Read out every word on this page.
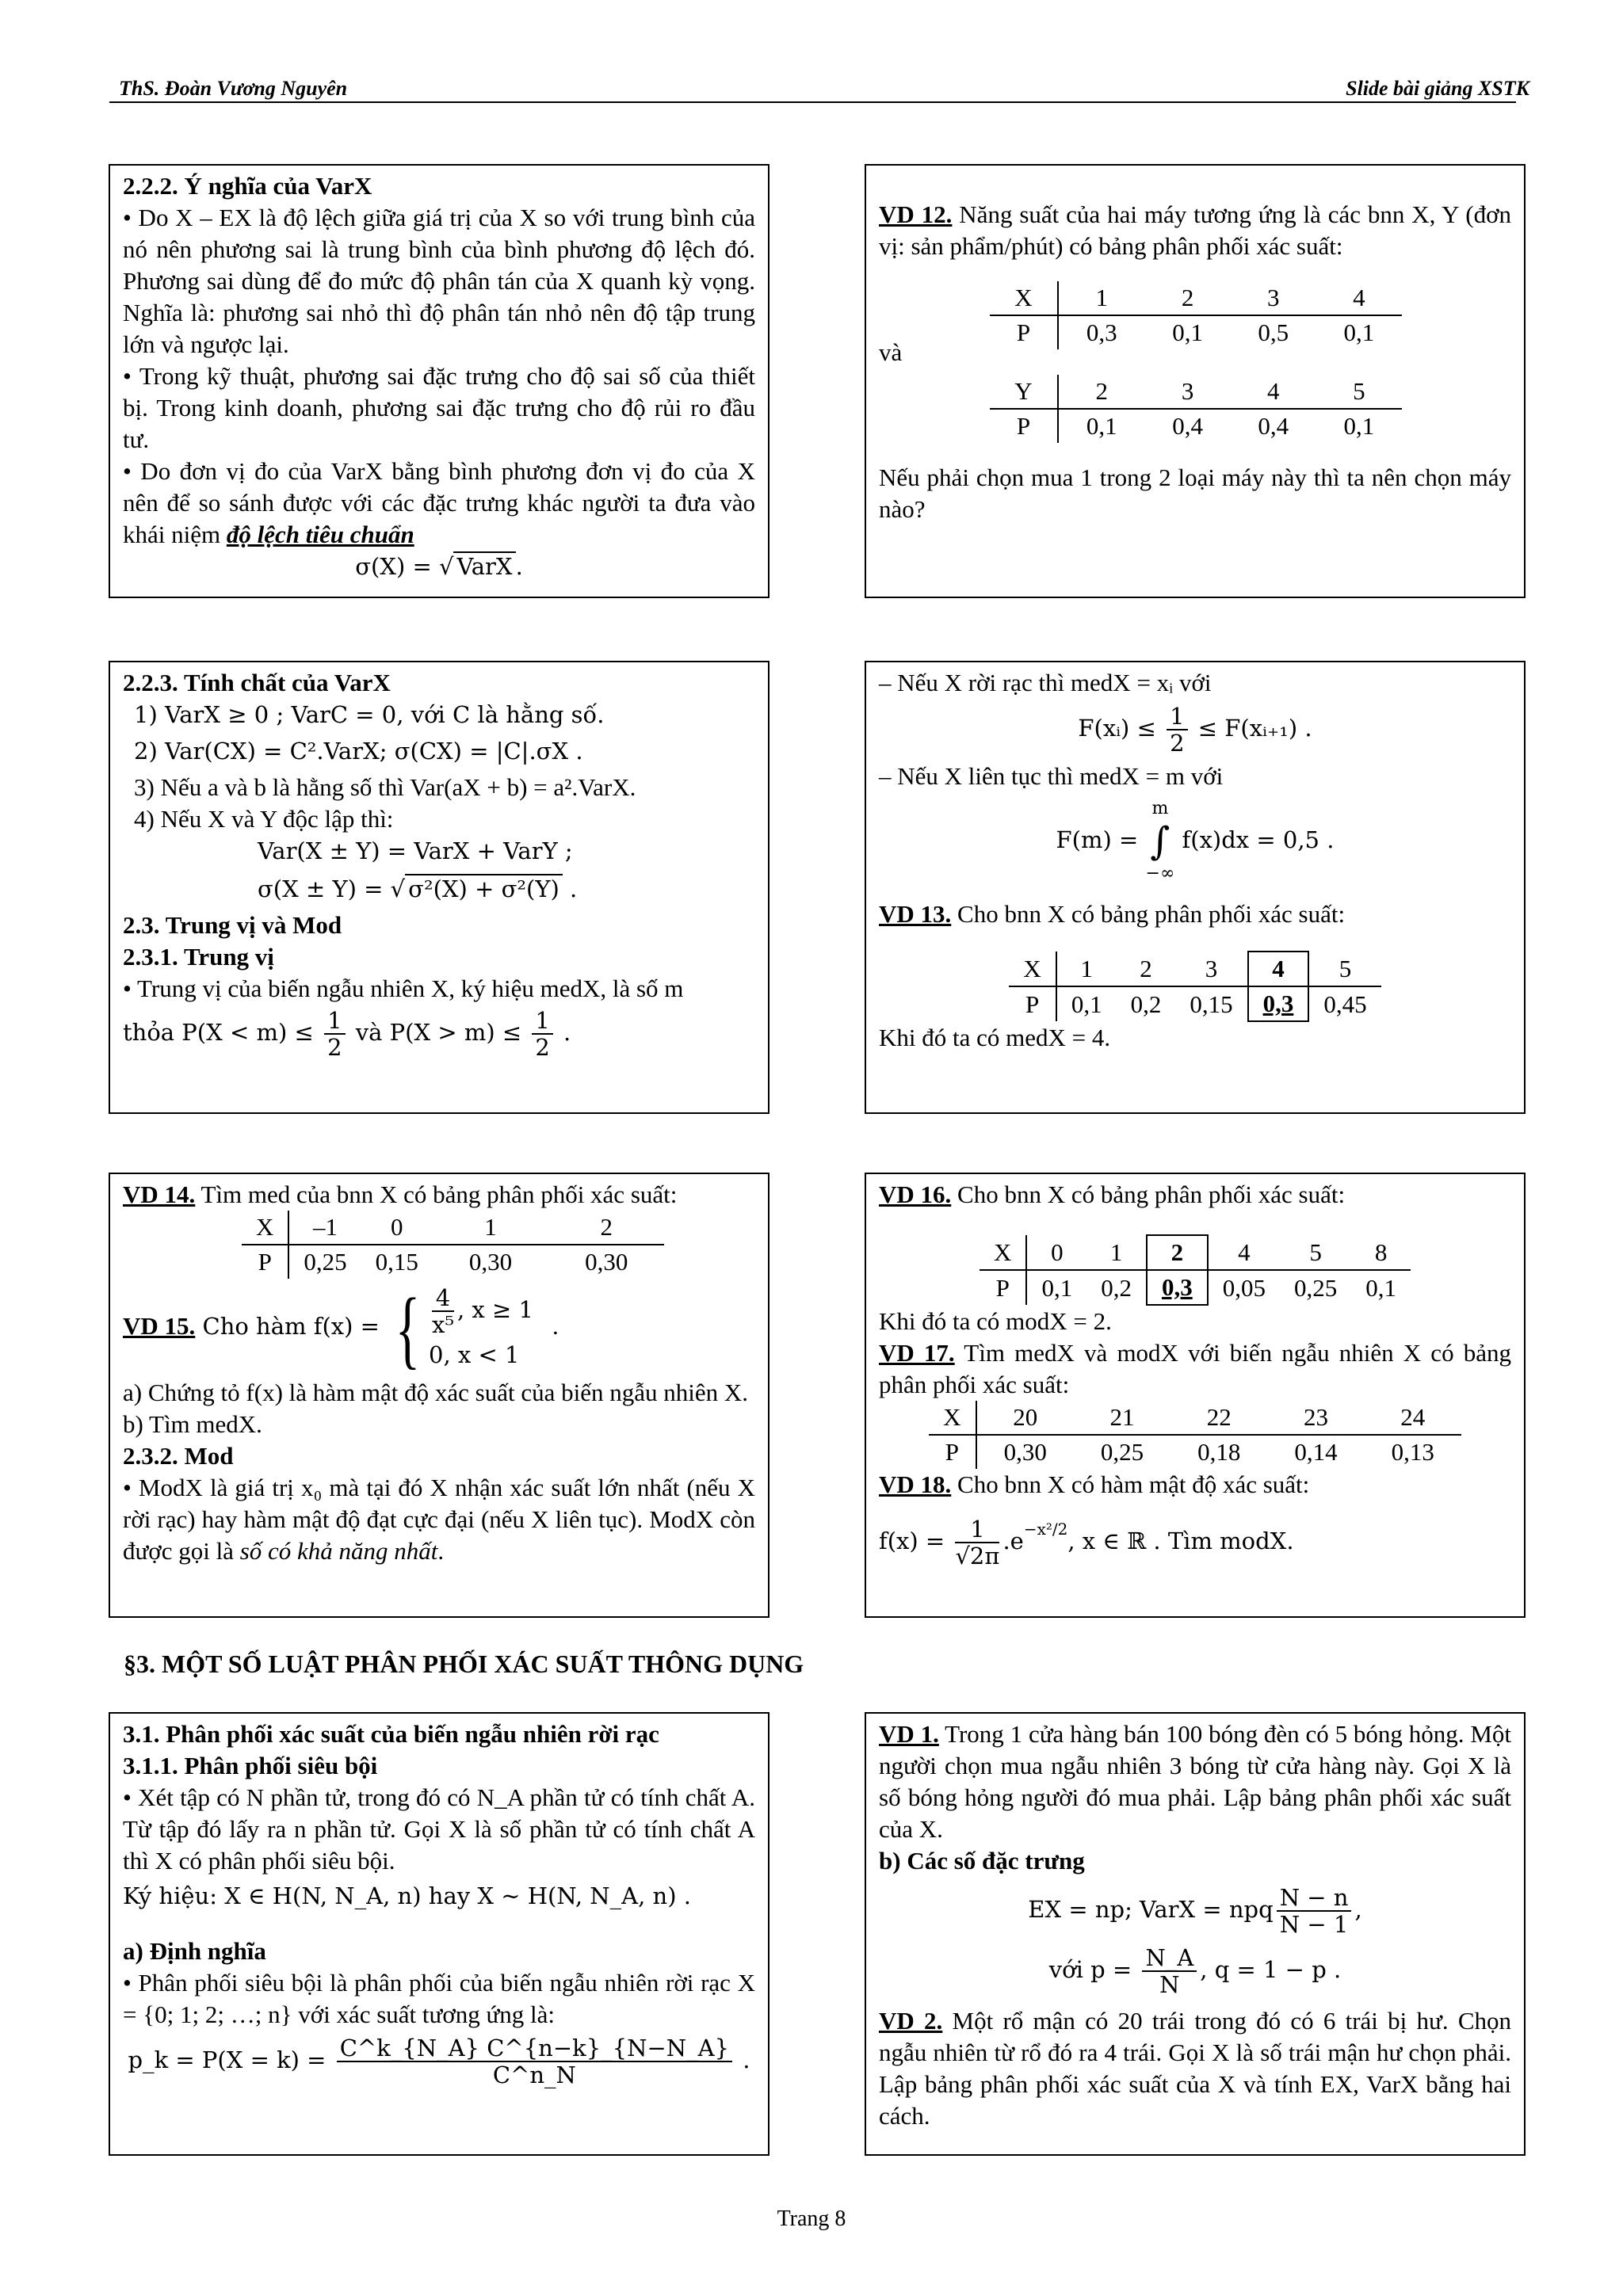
ThS. Đoàn Vương Nguyên	Slide bài giảng XSTK

2.2.2. Ý nghĩa của VarX

• Do X – EX là độ lệch giữa giá trị của X so với trung bình của nó nên phương sai là trung bình của bình phương độ lệch đó. Phương sai dùng để đo mức độ phân tán của X quanh kỳ vọng. Nghĩa là: phương sai nhỏ thì độ phân tán nhỏ nên độ tập trung lớn và ngược lại.

• Trong kỹ thuật, phương sai đặc trưng cho độ sai số của thiết bị. Trong kinh doanh, phương sai đặc trưng cho độ rủi ro đầu tư.

• Do đơn vị đo của VarX bằng bình phương đơn vị đo của X nên để so sánh được với các đặc trưng khác người ta đưa vào khái niệm độ lệch tiêu chuẩn

σ(X) = √ VarX .

VD 12. Năng suất của hai máy tương ứng là các bnn X, Y (đơn vị: sản phẩm/phút) có bảng phân phối xác suất:

và
X	1	2	3	4
P	0,3	0,1	0,5	0,1
Y	2	3	4	5
P	0,1	0,4	0,4	0,1

Nếu phải chọn mua 1 trong 2 loại máy này thì ta nên chọn máy nào?

2.2.3. Tính chất của VarX

1) VarX ≥ 0 ; VarC = 0, với C là hằng số.

2) Var(CX) = C².VarX; σ(CX) = |C|.σX .

3) Nếu a và b là hằng số thì Var(aX + b) = a².VarX.

4) Nếu X và Y độc lập thì:

Var(X ± Y) = VarX + VarY ;

σ(X ± Y) = √ σ²(X) + σ²(Y) .

2.3. Trung vị và Mod

2.3.1. Trung vị

• Trung vị của biến ngẫu nhiên X, ký hiệu medX, là số m

thỏa $P(X < m) \le \frac{1}{2}$ và $P(X > m) \le \frac{1}{2}$ .

– Nếu X rời rạc thì medX = xᵢ với

F(xᵢ) ≤ $\frac{1}{2}$ ≤ F(xᵢ₊₁) .

– Nếu X liên tục thì medX = m với

F(m) =
m
∫
−∞
f(x)dx = 0,5 .

VD 13. Cho bnn X có bảng phân phối xác suất:

X	1	2	3	4	5
P	0,1	0,2	0,15	0,3	0,45

Khi đó ta có medX = 4.

VD 14. Tìm med của bnn X có bảng phân phối xác suất:

X	–1	0	1	2
P	0,25	0,15	0,30	0,30

VD 15. Cho hàm f(x) = { $\frac{4}{\text{x⁵}}$ , x ≥ 1
0, x < 1
.

a) Chứng tỏ f(x) là hàm mật độ xác suất của biến ngẫu nhiên X.

b) Tìm medX.

2.3.2. Mod

• ModX là giá trị x₀ mà tại đó X nhận xác suất lớn nhất (nếu X rời rạc) hay hàm mật độ đạt cực đại (nếu X liên tục). ModX còn được gọi là số có khả năng nhất.

VD 16. Cho bnn X có bảng phân phối xác suất:

X	0	1	2	4	5	8
P	0,1	0,2	0,3	0,05	0,25	0,1

Khi đó ta có modX = 2.

VD 17. Tìm medX và modX với biến ngẫu nhiên X có bảng phân phối xác suất:

X	20	21	22	23	24
P	0,30	0,25	0,18	0,14	0,13

VD 18. Cho bnn X có hàm mật độ xác suất:

$f(x) = \frac{1}{√2\pi} .e^{-x^2/2}$, x ∈ ℝ . Tìm modX.

§3. MỘT SỐ LUẬT PHÂN PHỐI XÁC SUẤT THÔNG DỤNG

3.1. Phân phối xác suất của biến ngẫu nhiên rời rạc

3.1.1. Phân phối siêu bội

• Xét tập có N phần tử, trong đó có N_A phần tử có tính chất A. Từ tập đó lấy ra n phần tử. Gọi X là số phần tử có tính chất A thì X có phân phối siêu bội.

Ký hiệu: X ∈ H(N, N_A, n) hay X ~ H(N, N_A, n) .

a) Định nghĩa

• Phân phối siêu bội là phân phối của biến ngẫu nhiên rời rạc X = {0; 1; 2; …; n} với xác suất tương ứng là:

p_k = $P(X = k) = \frac{C\^{}k\_\{N\_A\} C\^{}\{n-k\}\_\{N-N\_A\}}{C\^{}n\_N}$ .

VD 1. Trong 1 cửa hàng bán 100 bóng đèn có 5 bóng hỏng. Một người chọn mua ngẫu nhiên 3 bóng từ cửa hàng này. Gọi X là số bóng hỏng người đó mua phải. Lập bảng phân phối xác suất của X.

b) Các số đặc trưng

EX = np; VarX = npq $\frac{N - n}{N - 1}$ ,

với $p = \frac{N\_A}{N}$ , q = 1 − p .

VD 2. Một rổ mận có 20 trái trong đó có 6 trái bị hư. Chọn ngẫu nhiên từ rổ đó ra 4 trái. Gọi X là số trái mận hư chọn phải. Lập bảng phân phối xác suất của X và tính EX, VarX bằng hai cách.

Trang 8
